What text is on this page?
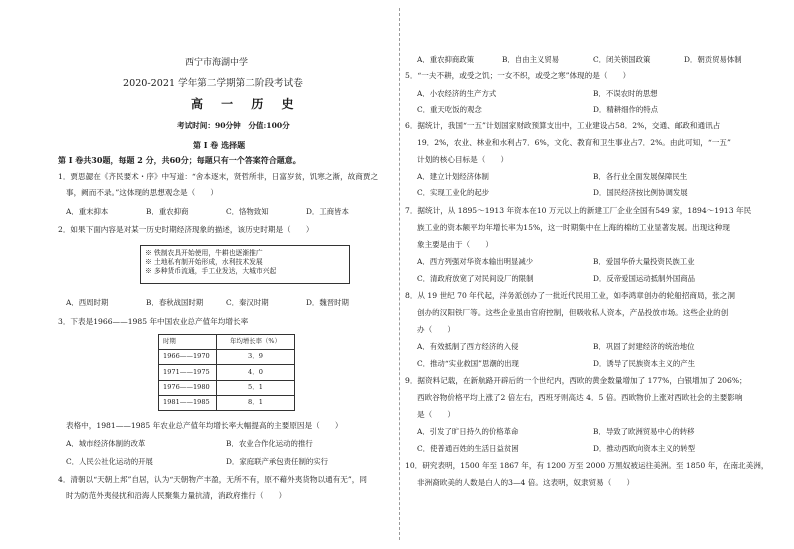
西宁市海湖中学
2020-2021 学年第二学期第二阶段考试卷
高 一 历 史
考试时间：90分钟　分值:100分
第 Ⅰ 卷 选择题
第 Ⅰ 卷共30题，每题 2 分，共60分；每题只有一个答案符合题意。
1．贾思勰在《齐民要术・序》中写道：“舍本逐末，贤哲所非，日富岁贫，饥寒之渐，故商贾之
事，阙而不录。”这体现的思想观念是（　　）
A．重末抑本	B．重农抑商	C．恪物致知	D．工商皆本
2．如果下面内容是对某一历史时期经济现象的描述，该历史时期是（　　）
※ 铁制农具开始使用，牛耕也逐渐推广
※ 土地私有制开始形成，水利技术发展
※ 多种货币流通，手工业发达，大城市兴起
A．西周时期	B．春秋战国时期	C．秦汉时期	D．魏晋时期
3．下表是1966——1985 年中国农业总产值年均增长率
时期	年均增长率（%）
1966——1970	3．9
1971——1975	4．0
1976——1980	5．1
1981——1985	8．1
表格中，1981——1985 年农业总产值年均增长率大幅提高的主要原因是（　　）
A．城市经济体制的改革	B．农业合作化运动的推行
C．人民公社化运动的开展	D．家庭联产承包责任制的实行
4．清朝以“天朝上邦”自居，认为“天朝物产丰盈，无所不有，原不藉外夷货物以通有无”，同
时为防范外夷侵扰和沿海人民聚集力量抗清，消政府推行（　　）
A．重农抑商政策	B．自由主义贸易	C．闭关锁国政策	D．朝贡贸易体制
5．“一夫不耕，或受之饥；一女不织，或受之寒”体现的是（　　）
A．小农经济的生产方式	B．不误农时的思想
C．重天吃饭的观念	D．精耕细作的特点
6．据统计，我国“一五”计划国家财政预算支出中，工业建设占58．2%，交通、邮政和通讯占
19．2%，农业、林业和水利占7．6%，文化、教育和卫生事业占7．2%。由此可知，“一五”
计划的核心目标是（　　）
A．建立计划经济体制	B．各行业全面发展保障民生
C．实现工业化的起步	D．国民经济按比例协调发展
7．据统计，从 1895～1913 年资本在10 万元以上的新建工厂企业全国有549 家，1894～1913 年民
族工业的资本额平均年增长率为15%，这一时期集中在上海的棉纺工业显著发展。出现这种现
象主要是由于（　　）
A．西方列强对华资本输出明显减少	B．爱国华侨大量投资民族工业
C．清政府放宽了对民间设厂的限制	D．反帝爱国运动抵制外国商品
8．从 19 世纪 70 年代起，洋务派创办了一批近代民用工业，如李鸿章创办的轮船招商局，张之洞
创办的汉阳铁厂等。这些企业虽由官府控制，但吸收私人资本，产品投放市场。这些企业的创
办（　　）
A．有效抵制了西方经济的入侵	B．巩固了封建经济的统治地位
C．推动“实业救国”思潮的出现	D．诱导了民族资本主义的产生
9．据资料记载，在新航路开辟后的一个世纪内，西欧的黄金数量增加了 177%，白银增加了 206%；
西欧谷物价格平均上涨了2 倍左右，西班牙则高达 4．5 倍。西欧物价上涨对西欧社会的主要影响
是（　　）
A．引发了旷日持久的价格革命	B．导致了欧洲贸易中心的转移
C．使普通百姓的生活日益贫困	D．推动西欧向资本主义的转型
10．研究表明，1500 年至 1867 年，有 1200 万至 2000 万黑奴被运往美洲。至 1850 年，在南北美洲，
非洲裔欧美的人数是白人的3—4 倍。这表明，奴隶贸易（　　）
